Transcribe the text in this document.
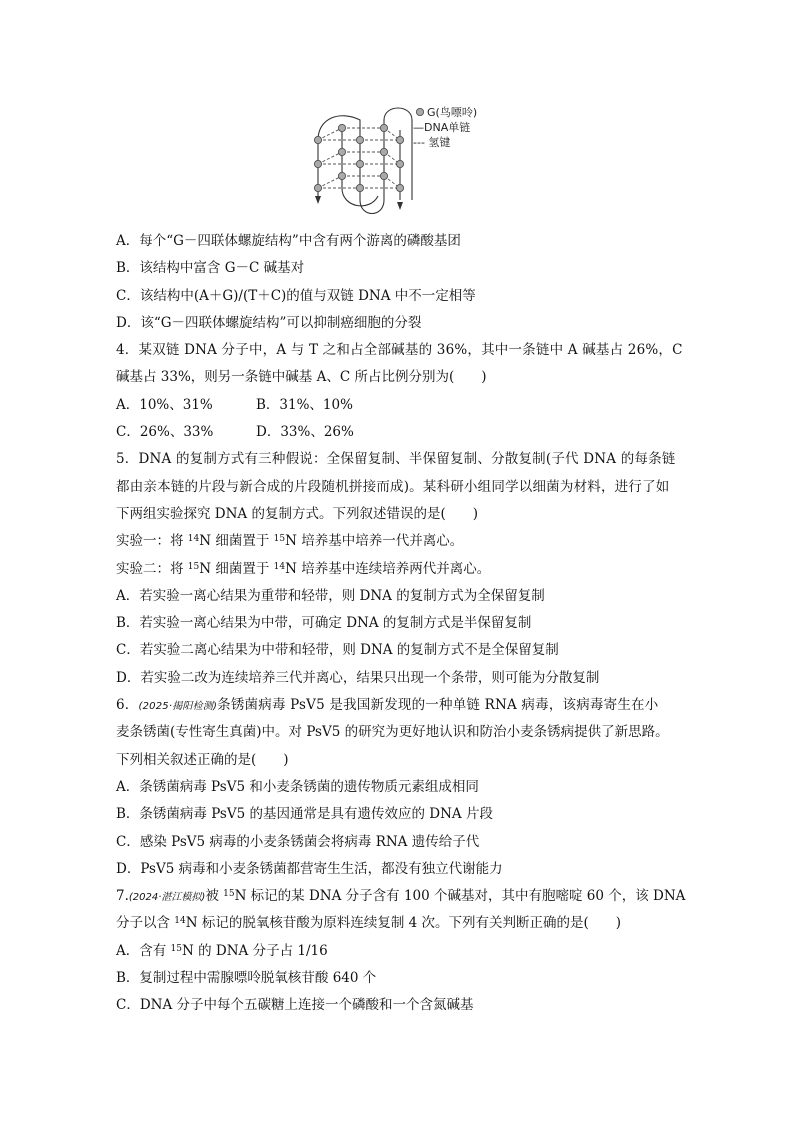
G(鸟嘌呤)
—DNA单链
--- 氢键
A．每个“G－四联体螺旋结构”中含有两个游离的磷酸基团
B．该结构中富含 G－C 碱基对
C．该结构中(A＋G)/(T＋C)的值与双链 DNA 中不一定相等
D．该“G－四联体螺旋结构”可以抑制癌细胞的分裂
4．某双链 DNA 分子中，A 与 T 之和占全部碱基的 36%，其中一条链中 A 碱基占 26%，C
碱基占 33%，则另一条链中碱基 A、C 所占比例分别为(　　)
A．10%、31%	B．31%、10%
C．26%、33%	D．33%、26%
5．DNA 的复制方式有三种假说：全保留复制、半保留复制、分散复制(子代 DNA 的每条链
都由亲本链的片段与新合成的片段随机拼接而成)。某科研小组同学以细菌为材料，进行了如
下两组实验探究 DNA 的复制方式。下列叙述错误的是(　　)
实验一：将 $^{14}$N 细菌置于 $^{15}$N 培养基中培养一代并离心。
实验二：将 $^{15}$N 细菌置于 $^{14}$N 培养基中连续培养两代并离心。
A．若实验一离心结果为重带和轻带，则 DNA 的复制方式为全保留复制
B．若实验一离心结果为中带，可确定 DNA 的复制方式是半保留复制
C．若实验二离心结果为中带和轻带，则 DNA 的复制方式不是全保留复制
D．若实验二改为连续培养三代并离心，结果只出现一个条带，则可能为分散复制
6．(2025·揭阳检测)条锈菌病毒 PsV5 是我国新发现的一种单链 RNA 病毒，该病毒寄生在小
麦条锈菌(专性寄生真菌)中。对 PsV5 的研究为更好地认识和防治小麦条锈病提供了新思路。
下列相关叙述正确的是(　　)
A．条锈菌病毒 PsV5 和小麦条锈菌的遗传物质元素组成相同
B．条锈菌病毒 PsV5 的基因通常是具有遗传效应的 DNA 片段
C．感染 PsV5 病毒的小麦条锈菌会将病毒 RNA 遗传给子代
D．PsV5 病毒和小麦条锈菌都营寄生生活，都没有独立代谢能力
7.(2024·湛江模拟)被 $^{15}$N 标记的某 DNA 分子含有 100 个碱基对，其中有胞嘧啶 60 个，该 DNA
分子以含 $^{14}$N 标记的脱氧核苷酸为原料连续复制 4 次。下列有关判断正确的是(　　)
A．含有 $^{15}$N 的 DNA 分子占 1/16
B．复制过程中需腺嘌呤脱氧核苷酸 640 个
C．DNA 分子中每个五碳糖上连接一个磷酸和一个含氮碱基
